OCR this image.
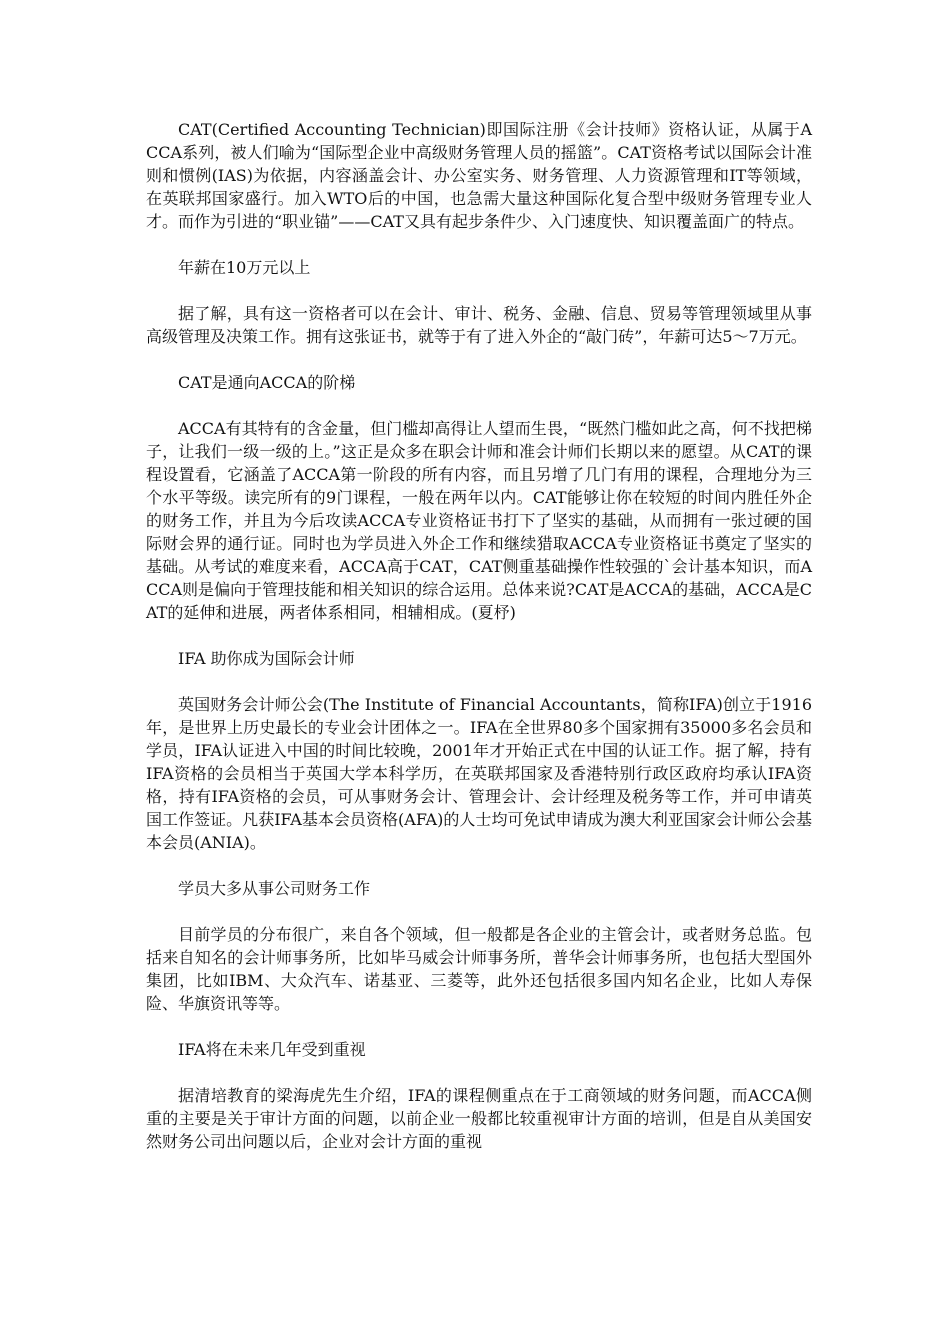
CAT(Certified Accounting Technician)即国际注册《会计技师》资格认证，从属于ACCA系列，被人们喻为“国际型企业中高级财务管理人员的摇篮”。CAT资格考试以国际会计准则和惯例(IAS)为依据，内容涵盖会计、办公室实务、财务管理、人力资源管理和IT等领域，在英联邦国家盛行。加入WTO后的中国，也急需大量这种国际化复合型中级财务管理专业人才。而作为引进的“职业锚”——CAT又具有起步条件少、入门速度快、知识覆盖面广的特点。

年薪在10万元以上

据了解，具有这一资格者可以在会计、审计、税务、金融、信息、贸易等管理领域里从事高级管理及决策工作。拥有这张证书，就等于有了进入外企的“敲门砖”，年薪可达5～7万元。

CAT是通向ACCA的阶梯

ACCA有其特有的含金量，但门槛却高得让人望而生畏，“既然门槛如此之高，何不找把梯子，让我们一级一级的上。”这正是众多在职会计师和准会计师们长期以来的愿望。从CAT的课程设置看，它涵盖了ACCA第一阶段的所有内容，而且另增了几门有用的课程，合理地分为三个水平等级。读完所有的9门课程，一般在两年以内。CAT能够让你在较短的时间内胜任外企的财务工作，并且为今后攻读ACCA专业资格证书打下了坚实的基础，从而拥有一张过硬的国际财会界的通行证。同时也为学员进入外企工作和继续猎取ACCA专业资格证书奠定了坚实的基础。从考试的难度来看，ACCA高于CAT，CAT侧重基础操作性较强的`会计基本知识，而ACCA则是偏向于管理技能和相关知识的综合运用。总体来说?CAT是ACCA的基础，ACCA是CAT的延伸和进展，两者体系相同，相辅相成。(夏杼)

IFA 助你成为国际会计师

英国财务会计师公会(The Institute of Financial Accountants，简称IFA)创立于1916年，是世界上历史最长的专业会计团体之一。IFA在全世界80多个国家拥有35000多名会员和学员，IFA认证进入中国的时间比较晚，2001年才开始正式在中国的认证工作。据了解，持有IFA资格的会员相当于英国大学本科学历，在英联邦国家及香港特别行政区政府均承认IFA资格，持有IFA资格的会员，可从事财务会计、管理会计、会计经理及税务等工作，并可申请英国工作签证。凡获IFA基本会员资格(AFA)的人士均可免试申请成为澳大利亚国家会计师公会基本会员(ANIA)。

学员大多从事公司财务工作

目前学员的分布很广，来自各个领域，但一般都是各企业的主管会计，或者财务总监。包括来自知名的会计师事务所，比如毕马威会计师事务所，普华会计师事务所，也包括大型国外集团，比如IBM、大众汽车、诺基亚、三菱等，此外还包括很多国内知名企业，比如人寿保险、华旗资讯等等。

IFA将在未来几年受到重视

据清培教育的梁海虎先生介绍，IFA的课程侧重点在于工商领域的财务问题，而ACCA侧重的主要是关于审计方面的问题，以前企业一般都比较重视审计方面的培训，但是自从美国安然财务公司出问题以后，企业对会计方面的重视
